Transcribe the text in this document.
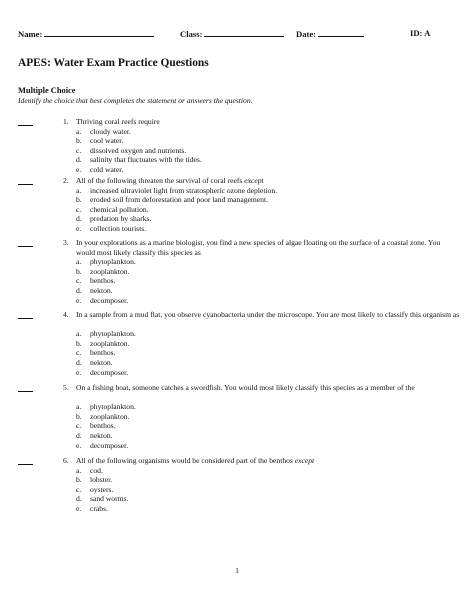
Name:	Class:	Date:	ID: A
APES: Water Exam Practice Questions
Multiple Choice
Identify the choice that best completes the statement or answers the question.
1. Thriving coral reefs require
a. cloudy water.
b. cool water.
c. dissolved oxygen and nutrients.
d. salinity that fluctuates with the tides.
e. cold water.
2. All of the following threaten the survival of coral reefs except
a. increased ultraviolet light from stratospheric ozone depletion.
b. eroded soil from deforestation and poor land management.
c. chemical pollution.
d. predation by sharks.
e. collection tourists.
3. In your explorations as a marine biologist, you find a new species of algae floating on the surface of a coastal zone. You would most likely classify this species as
a. phytoplankton.
b. zooplankton.
c. benthos.
d. nekton.
e. decomposer.
4. In a sample from a mud flat, you observe cyanobacteria under the microscope. You are most likely to classify this organism as
a. phytoplankton.
b. zooplankton.
c. benthos.
d. nekton.
e. decomposer.
5. On a fishing boat, someone catches a swordfish. You would most likely classify this species as a member of the
a. phytoplankton.
b. zooplankton.
c. benthos.
d. nekton.
e. decomposer.
6. All of the following organisms would be considered part of the benthos except
a. cod.
b. lobster.
c. oysters.
d. sand worms.
e. crabs.
1
